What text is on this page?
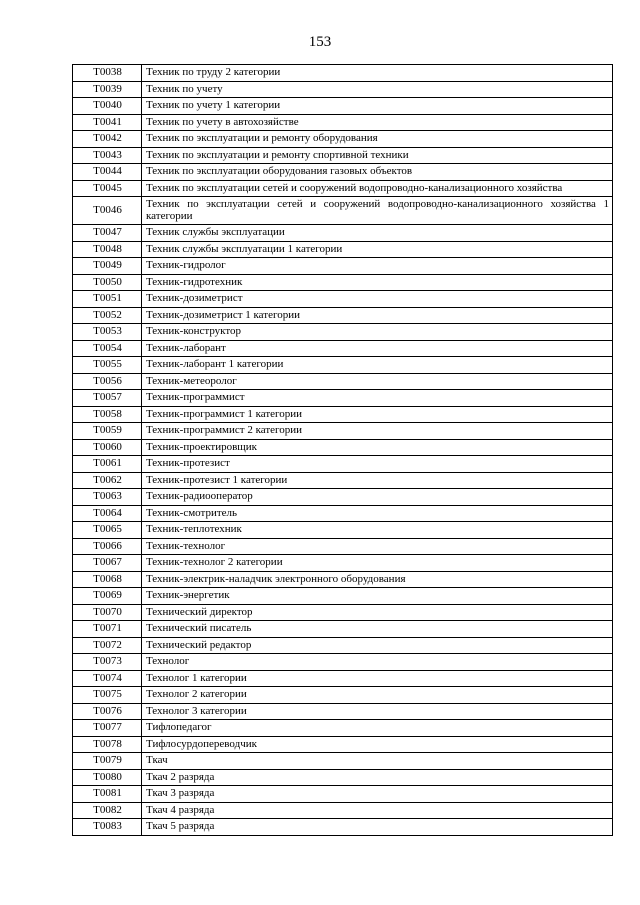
153
Т0038	Техник по труду 2 категории
Т0039	Техник по учету
Т0040	Техник по учету 1 категории
Т0041	Техник по учету в автохозяйстве
Т0042	Техник по эксплуатации и ремонту оборудования
Т0043	Техник по эксплуатации и ремонту спортивной техники
Т0044	Техник по эксплуатации оборудования газовых объектов
Т0045	Техник по эксплуатации сетей и сооружений водопроводно-канализационного хозяйства
Т0046	Техник по эксплуатации сетей и сооружений водопроводно-канализационного хозяйства 1 категории
Т0047	Техник службы эксплуатации
Т0048	Техник службы эксплуатации 1 категории
Т0049	Техник-гидролог
Т0050	Техник-гидротехник
Т0051	Техник-дозиметрист
Т0052	Техник-дозиметрист 1 категории
Т0053	Техник-конструктор
Т0054	Техник-лаборант
Т0055	Техник-лаборант 1 категории
Т0056	Техник-метеоролог
Т0057	Техник-программист
Т0058	Техник-программист 1 категории
Т0059	Техник-программист 2 категории
Т0060	Техник-проектировщик
Т0061	Техник-протезист
Т0062	Техник-протезист 1 категории
Т0063	Техник-радиооператор
Т0064	Техник-смотритель
Т0065	Техник-теплотехник
Т0066	Техник-технолог
Т0067	Техник-технолог 2 категории
Т0068	Техник-электрик-наладчик электронного оборудования
Т0069	Техник-энергетик
Т0070	Технический директор
Т0071	Технический писатель
Т0072	Технический редактор
Т0073	Технолог
Т0074	Технолог 1 категории
Т0075	Технолог 2 категории
Т0076	Технолог 3 категории
Т0077	Тифлопедагог
Т0078	Тифлосурдопереводчик
Т0079	Ткач
Т0080	Ткач 2 разряда
Т0081	Ткач 3 разряда
Т0082	Ткач 4 разряда
Т0083	Ткач 5 разряда
